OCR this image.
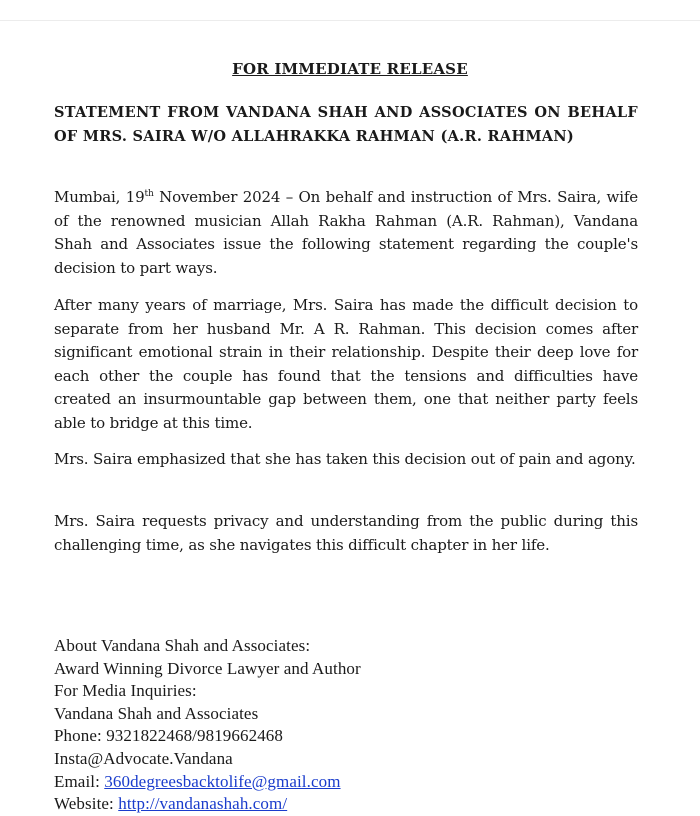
FOR IMMEDIATE RELEASE
STATEMENT FROM VANDANA SHAH AND ASSOCIATES ON BEHALF OF MRS. SAIRA W/O ALLAHRAKKA RAHMAN (A.R. RAHMAN)

Mumbai, 19th November 2024 – On behalf and instruction of Mrs. Saira, wife of the renowned musician Allah Rakha Rahman (A.R. Rahman), Vandana Shah and Associates issue the following statement regarding the couple's decision to part ways.

After many years of marriage, Mrs. Saira has made the difficult decision to separate from her husband Mr. A R. Rahman. This decision comes after significant emotional strain in their relationship. Despite their deep love for each other the couple has found that the tensions and difficulties have created an insurmountable gap between them, one that neither party feels able to bridge at this time.

Mrs. Saira emphasized that she has taken this decision out of pain and agony.

Mrs. Saira requests privacy and understanding from the public during this challenging time, as she navigates this difficult chapter in her life.

About Vandana Shah and Associates:
Award Winning Divorce Lawyer and Author
For Media Inquiries:
Vandana Shah and Associates
Phone: 9321822468/9819662468
Insta@Advocate.Vandana
Email: 360degreesbacktolife@gmail.com
Website: http://vandanashah.com/
